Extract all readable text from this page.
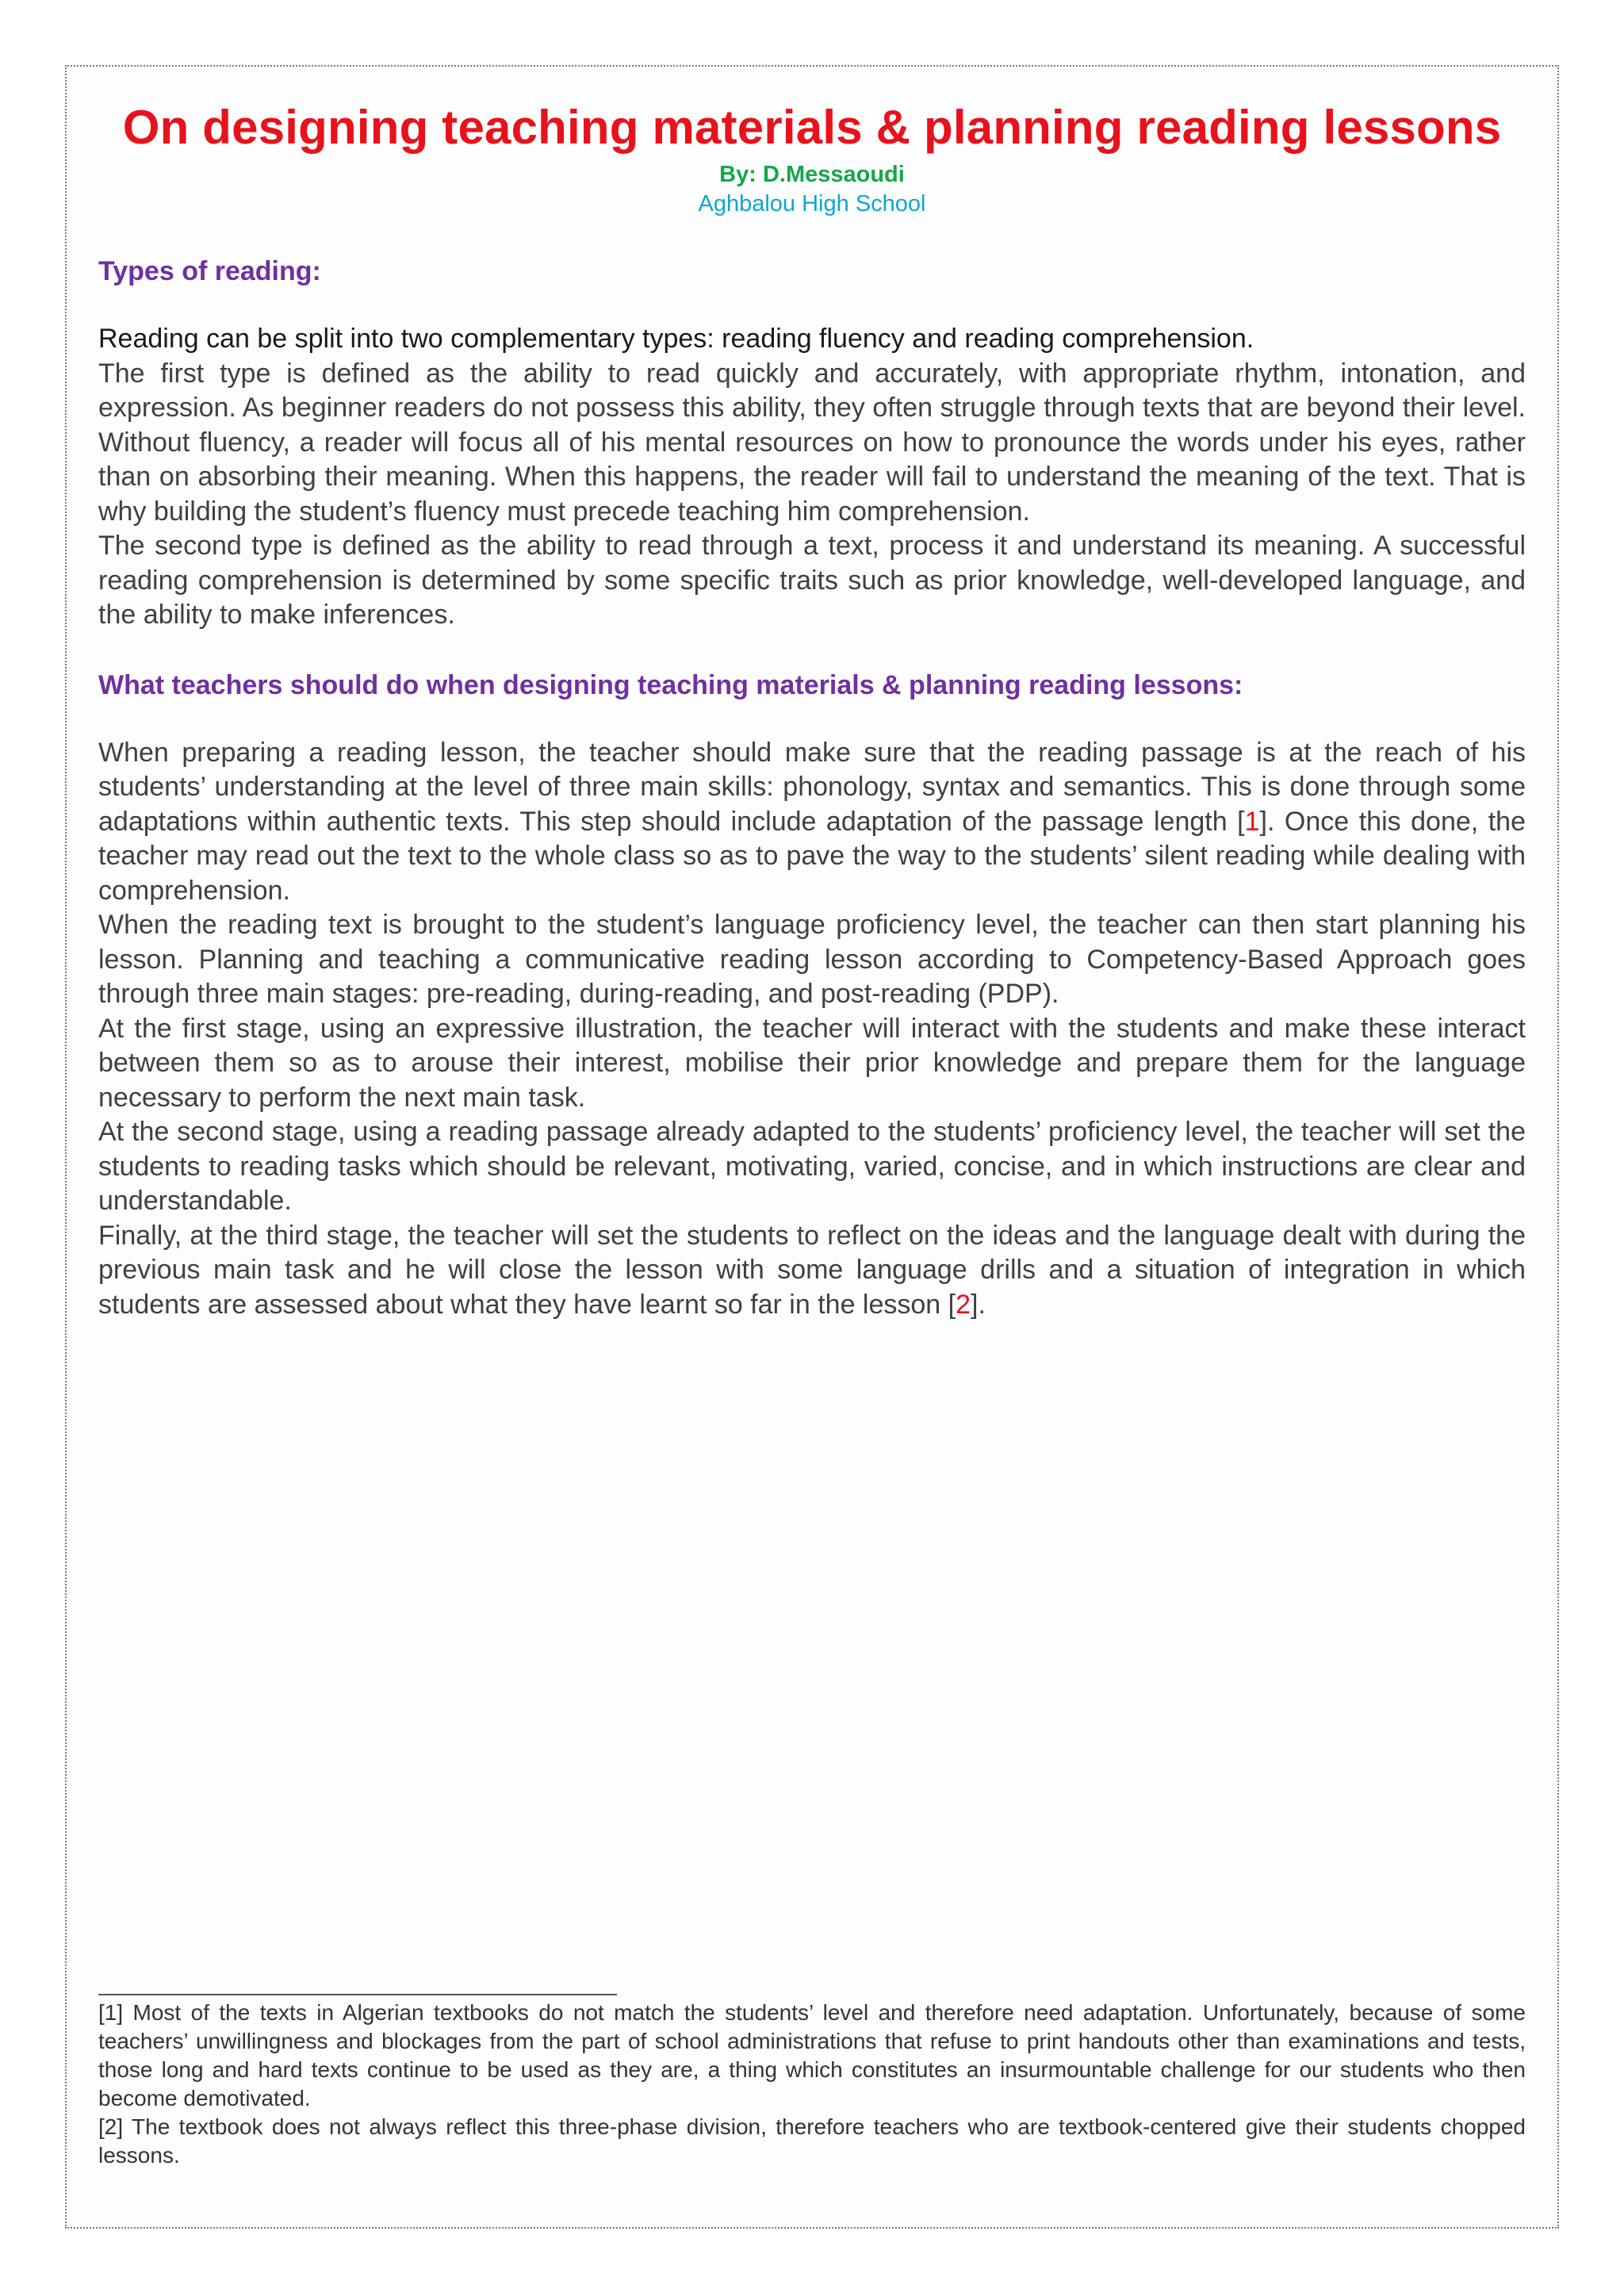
On designing teaching materials & planning reading lessons
By: D.Messaoudi
Aghbalou High School
Types of reading:

Reading can be split into two complementary types: reading fluency and reading comprehension.

The first type is defined as the ability to read quickly and accurately, with appropriate rhythm, intonation, and expression. As beginner readers do not possess this ability, they often struggle through texts that are beyond their level. Without fluency, a reader will focus all of his mental resources on how to pronounce the words under his eyes, rather than on absorbing their meaning. When this happens, the reader will fail to understand the meaning of the text. That is why building the student’s fluency must precede teaching him comprehension.

The second type is defined as the ability to read through a text, process it and understand its meaning. A successful reading comprehension is determined by some specific traits such as prior knowledge, well-developed language, and the ability to make inferences.

What teachers should do when designing teaching materials & planning reading lessons:

When preparing a reading lesson, the teacher should make sure that the reading passage is at the reach of his students’ understanding at the level of three main skills: phonology, syntax and semantics. This is done through some adaptations within authentic texts. This step should include adaptation of the passage length [1]. Once this done, the teacher may read out the text to the whole class so as to pave the way to the students’ silent reading while dealing with comprehension.

When the reading text is brought to the student’s language proficiency level, the teacher can then start planning his lesson. Planning and teaching a communicative reading lesson according to Competency-Based Approach goes through three main stages: pre-reading, during-reading, and post-reading (PDP).

At the first stage, using an expressive illustration, the teacher will interact with the students and make these interact between them so as to arouse their interest, mobilise their prior knowledge and prepare them for the language necessary to perform the next main task.

At the second stage, using a reading passage already adapted to the students’ proficiency level, the teacher will set the students to reading tasks which should be relevant, motivating, varied, concise, and in which instructions are clear and understandable.

Finally, at the third stage, the teacher will set the students to reflect on the ideas and the language dealt with during the previous main task and he will close the lesson with some language drills and a situation of integration in which students are assessed about what they have learnt so far in the lesson [2].

[1] Most of the texts in Algerian textbooks do not match the students’ level and therefore need adaptation. Unfortunately, because of some teachers’ unwillingness and blockages from the part of school administrations that refuse to print handouts other than examinations and tests, those long and hard texts continue to be used as they are, a thing which constitutes an insurmountable challenge for our students who then become demotivated.

[2] The textbook does not always reflect this three-phase division, therefore teachers who are textbook-centered give their students chopped lessons.
